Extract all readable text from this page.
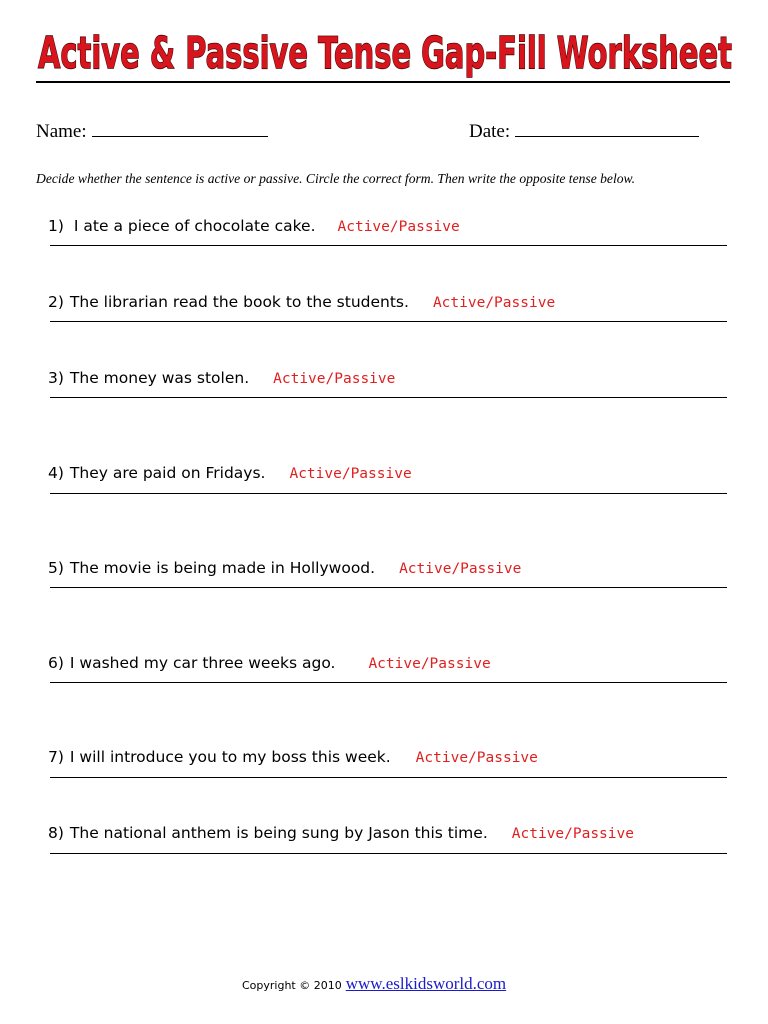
Active & Passive Tense Gap-Fill Worksheet
Name:	Date:
Decide whether the sentence is active or passive. Circle the correct form. Then write the opposite tense below.
1) I ate a piece of chocolate cake. Active/Passive
2) The librarian read the book to the students. Active/Passive
3) The money was stolen. Active/Passive
4) They are paid on Fridays. Active/Passive
5) The movie is being made in Hollywood. Active/Passive
6) I washed my car three weeks ago. Active/Passive
7) I will introduce you to my boss this week. Active/Passive
8) The national anthem is being sung by Jason this time. Active/Passive
Copyright © 2010 www.eslkidsworld.com
